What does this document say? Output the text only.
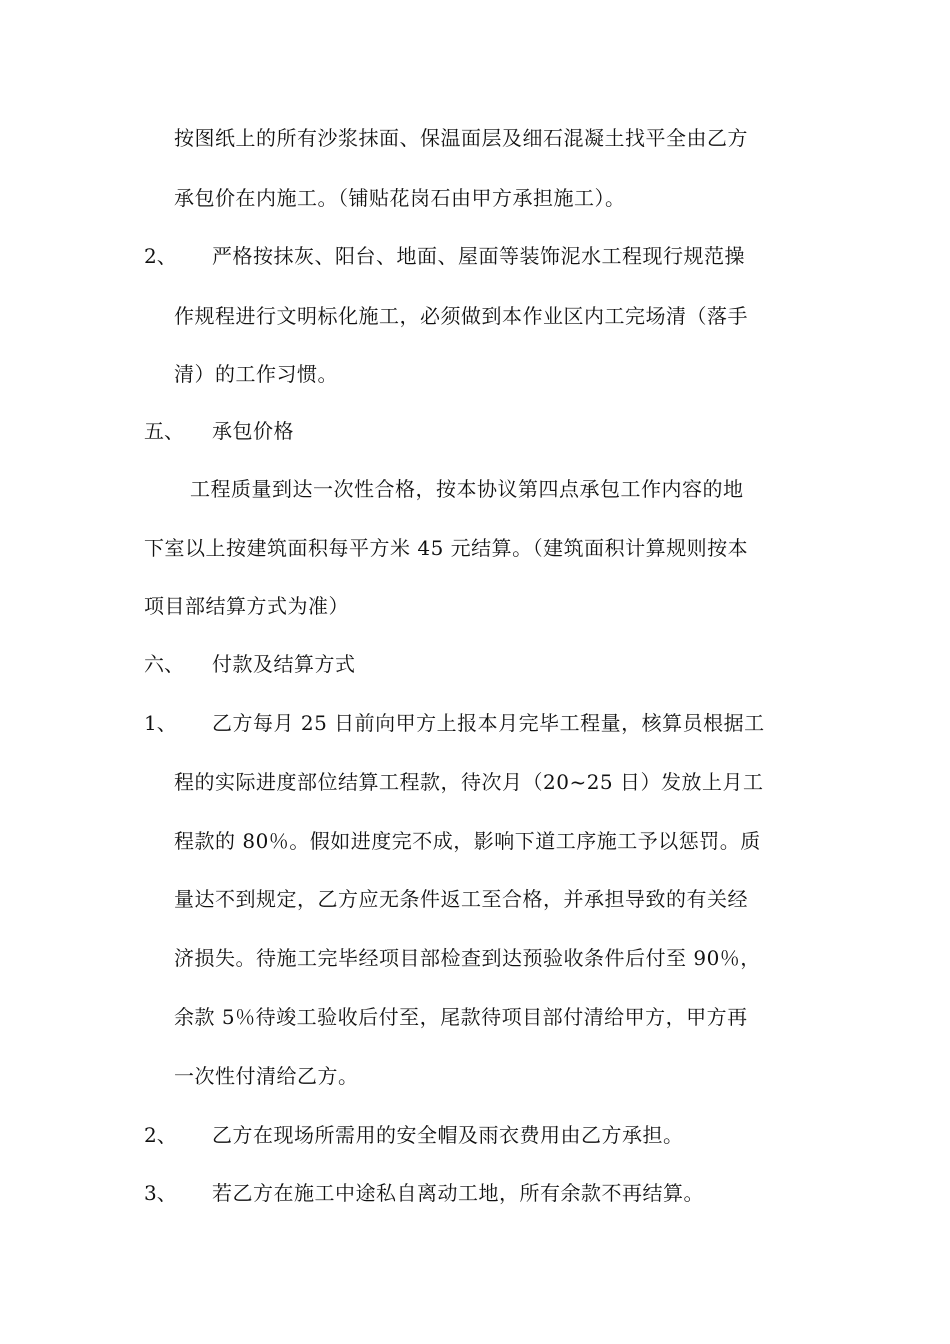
按图纸上的所有沙浆抹面、保温面层及细石混凝土找平全由乙方
承包价在内施工。（铺贴花岗石由甲方承担施工）。
2、 严格按抹灰、阳台、地面、屋面等装饰泥水工程现行规范操
作规程进行文明标化施工，必须做到本作业区内工完场清（落手
清）的工作习惯。
五、 承包价格
工程质量到达一次性合格，按本协议第四点承包工作内容的地
下室以上按建筑面积每平方米 45 元结算。（建筑面积计算规则按本
项目部结算方式为准）
六、 付款及结算方式
1、 乙方每月 25 日前向甲方上报本月完毕工程量，核算员根据工
程的实际进度部位结算工程款，待次月（20~25 日）发放上月工
程款的 80％。假如进度完不成，影响下道工序施工予以惩罚。质
量达不到规定，乙方应无条件返工至合格，并承担导致的有关经
济损失。待施工完毕经项目部检查到达预验收条件后付至 90％，
余款 5％待竣工验收后付至，尾款待项目部付清给甲方，甲方再
一次性付清给乙方。
2、 乙方在现场所需用的安全帽及雨衣费用由乙方承担。
3、 若乙方在施工中途私自离动工地，所有余款不再结算。
